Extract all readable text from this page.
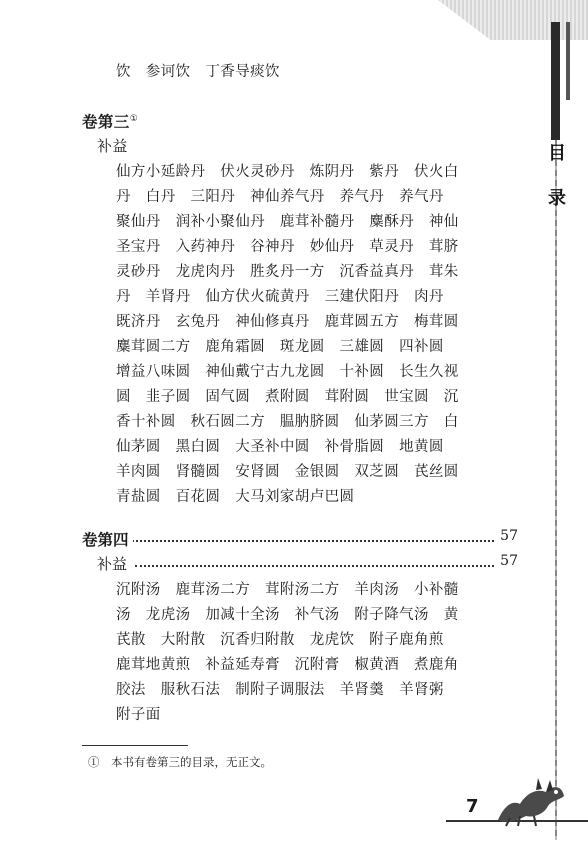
目
录
饮　参诃饮　丁香导痰饮
卷第三①
补益
仙方小延龄丹　伏火灵砂丹　炼阴丹　紫丹　伏火白
丹　白丹　三阳丹　神仙养气丹　养气丹　养气丹
聚仙丹　润补小聚仙丹　鹿茸补髓丹　麋酥丹　神仙
圣宝丹　入药神丹　谷神丹　妙仙丹　草灵丹　茸脐
灵砂丹　龙虎肉丹　胜炙丹一方　沉香益真丹　茸朱
丹　羊肾丹　仙方伏火硫黄丹　三建伏阳丹　肉丹
既济丹　玄兔丹　神仙修真丹　鹿茸圆五方　梅茸圆
麋茸圆二方　鹿角霜圆　斑龙圆　三雄圆　四补圆
增益八味圆　神仙戴宁古九龙圆　十补圆　长生久视
圆　韭子圆　固气圆　煮附圆　茸附圆　世宝圆　沉
香十补圆　秋石圆二方　腽肭脐圆　仙茅圆三方　白
仙茅圆　黑白圆　大圣补中圆　补骨脂圆　地黄圆
羊肉圆　肾髓圆　安肾圆　金银圆　双芝圆　芪丝圆
青盐圆　百花圆　大马刘家胡卢巴圆
卷第四	57
补益	57
沉附汤　鹿茸汤二方　茸附汤二方　羊肉汤　小补髓
汤　龙虎汤　加减十全汤　补气汤　附子降气汤　黄
芪散　大附散　沉香归附散　龙虎饮　附子鹿角煎
鹿茸地黄煎　补益延寿膏　沉附膏　椒黄酒　煮鹿角
胶法　服秋石法　制附子调服法　羊肾羹　羊肾粥
附子面
①　本书有卷第三的目录，无正文。
7
